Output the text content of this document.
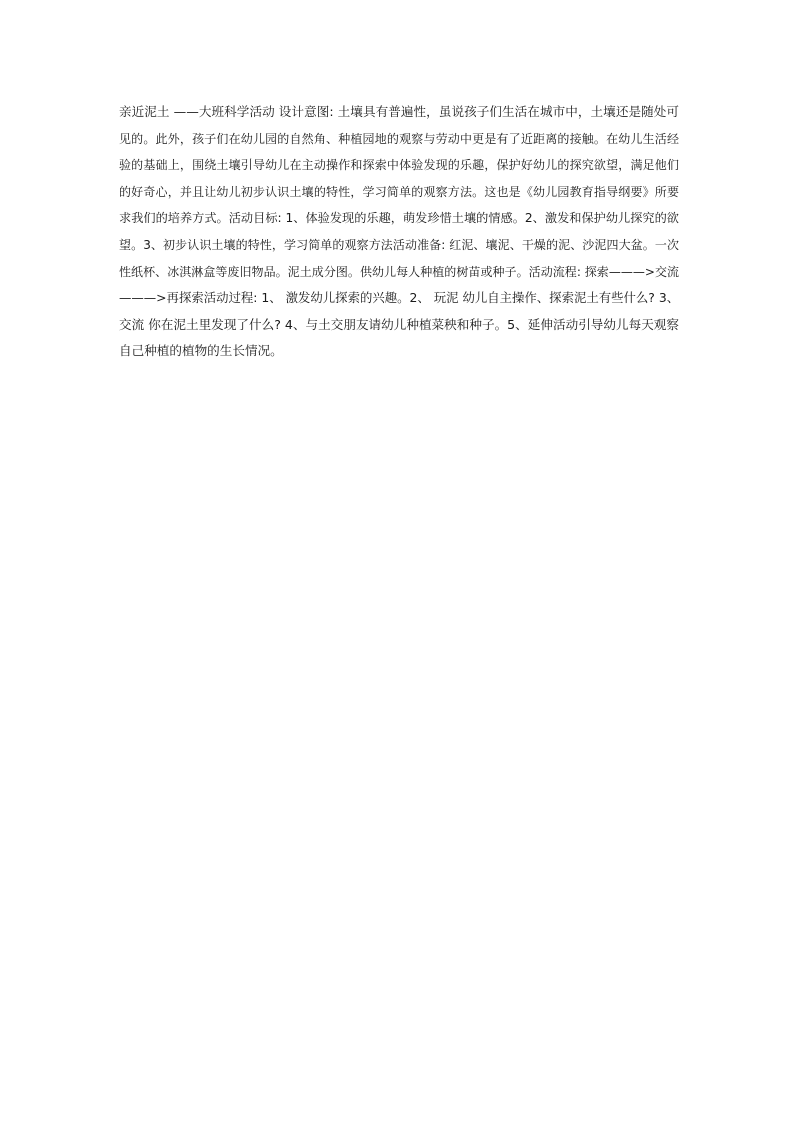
亲近泥土 ——大班科学活动 设计意图: 土壤具有普遍性，虽说孩子们生活在城市中，土壤还是随处可
见的。此外，孩子们在幼儿园的自然角、种植园地的观察与劳动中更是有了近距离的接触。在幼儿生活经
验的基础上，围绕土壤引导幼儿在主动操作和探索中体验发现的乐趣，保护好幼儿的探究欲望，满足他们
的好奇心，并且让幼儿初步认识土壤的特性，学习简单的观察方法。这也是《幼儿园教育指导纲要》所要
求我们的培养方式。活动目标: 1、体验发现的乐趣，萌发珍惜土壤的情感。2、激发和保护幼儿探究的欲
望。3、初步认识土壤的特性，学习简单的观察方法活动准备: 红泥、壤泥、干燥的泥、沙泥四大盆。一次
性纸杯、冰淇淋盒等废旧物品。泥土成分图。供幼儿每人种植的树苗或种子。活动流程: 探索———>交流
———>再探索活动过程: 1、 激发幼儿探索的兴趣。2、 玩泥 幼儿自主操作、探索泥土有些什么? 3、
交流 你在泥土里发现了什么? 4、与土交朋友请幼儿种植菜秧和种子。5、延伸活动引导幼儿每天观察
自己种植的植物的生长情况。
